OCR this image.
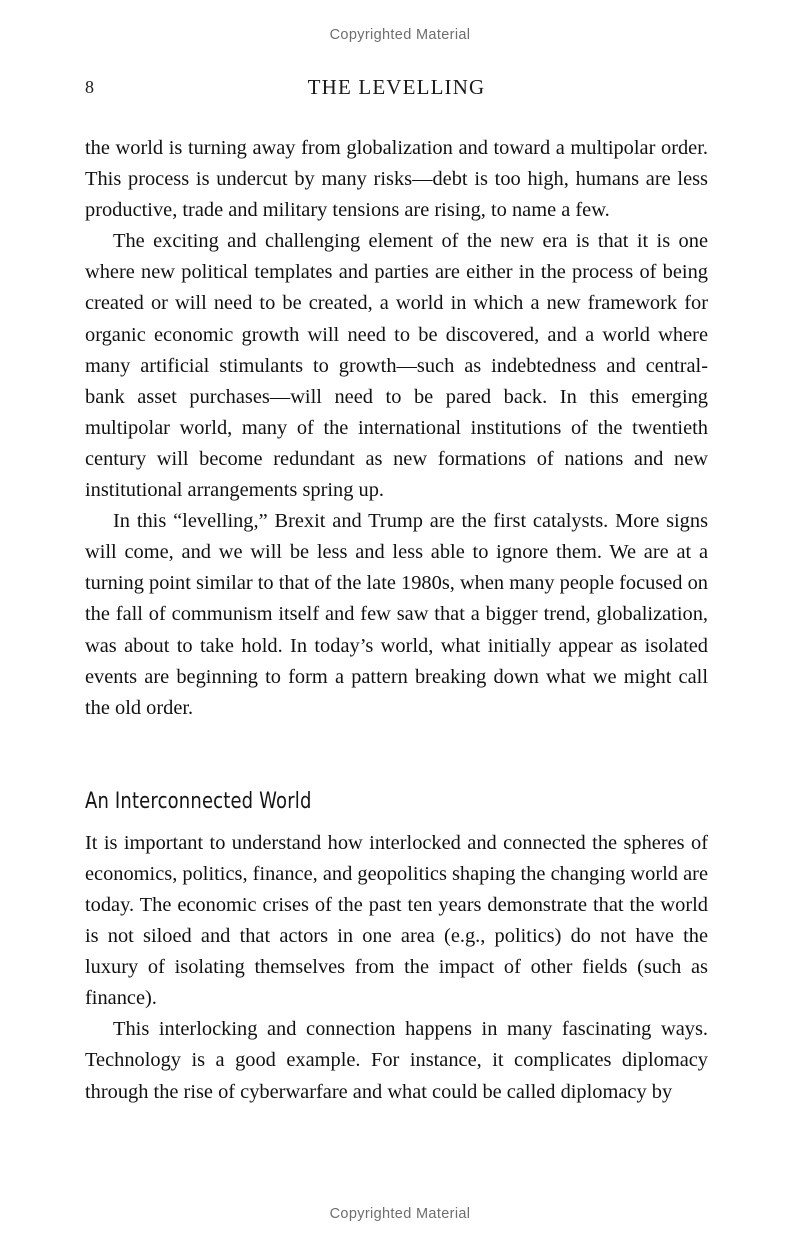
Copyrighted Material
8	THE LEVELLING

the world is turning away from globalization and toward a multipolar order. This process is undercut by many risks—debt is too high, humans are less productive, trade and military tensions are rising, to name a few.

The exciting and challenging element of the new era is that it is one where new political templates and parties are either in the process of being created or will need to be created, a world in which a new framework for organic economic growth will need to be discovered, and a world where many artificial stimulants to growth—such as indebtedness and central-bank asset purchases—will need to be pared back. In this emerging multipolar world, many of the international institutions of the twentieth century will become redundant as new formations of nations and new institutional arrangements spring up.

In this “levelling,” Brexit and Trump are the first catalysts. More signs will come, and we will be less and less able to ignore them. We are at a turning point similar to that of the late 1980s, when many people focused on the fall of communism itself and few saw that a bigger trend, globalization, was about to take hold. In today’s world, what initially appear as isolated events are beginning to form a pattern breaking down what we might call the old order.

An Interconnected World

It is important to understand how interlocked and connected the spheres of economics, politics, finance, and geopolitics shaping the changing world are today. The economic crises of the past ten years demonstrate that the world is not siloed and that actors in one area (e.g., politics) do not have the luxury of isolating themselves from the impact of other fields (such as finance).

This interlocking and connection happens in many fascinating ways. Technology is a good example. For instance, it complicates diplomacy through the rise of cyberwarfare and what could be called diplomacy by

Copyrighted Material
